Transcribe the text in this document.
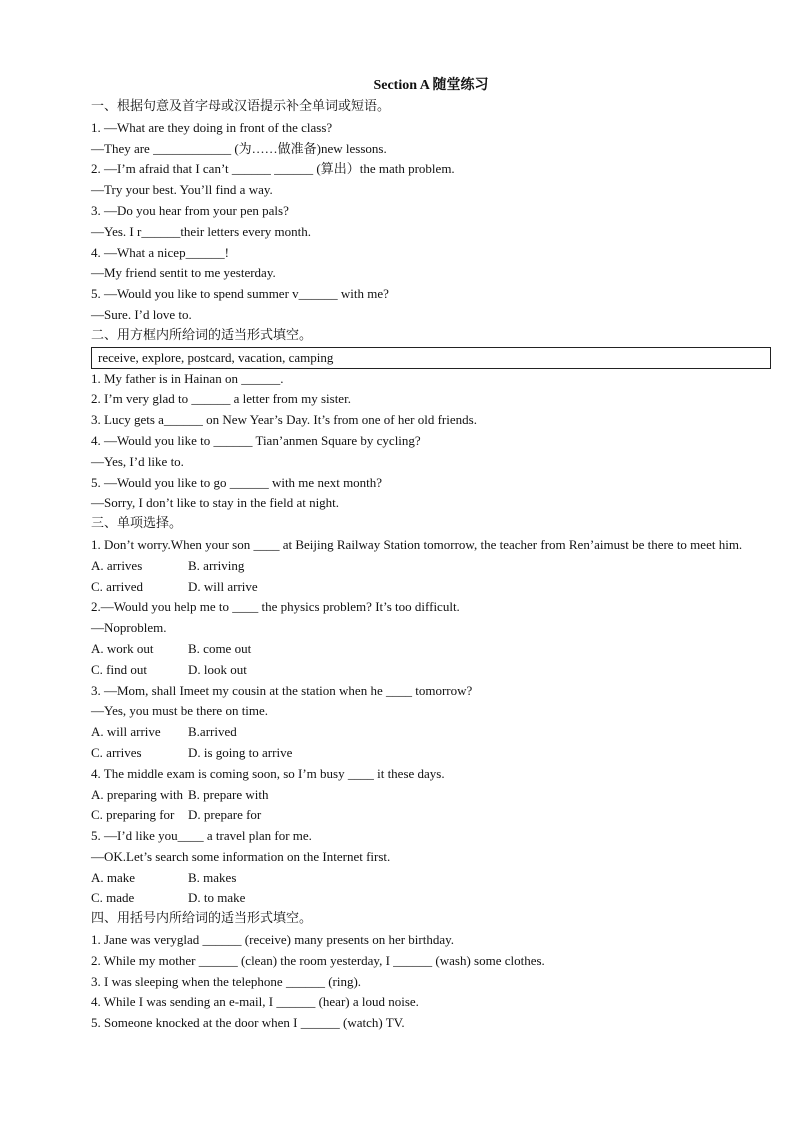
Section A 随堂练习
一、根据句意及首字母或汉语提示补全单词或短语。
1. —What are they doing in front of the class?
—They are ____________ (为……做准备)new lessons.
2. —I’m afraid that I can’t ______ ______ (算出）the math problem.
—Try your best. You’ll find a way.
3. —Do you hear from your pen pals?
—Yes. I r______their letters every month.
4. —What a nicep______!
—My friend sentit to me yesterday.
5. —Would you like to spend summer v______ with me?
—Sure. I’d love to.
二、用方框内所给词的适当形式填空。
receive, explore, postcard, vacation, camping
1. My father is in Hainan on ______.
2. I’m very glad to ______ a letter from my sister.
3. Lucy gets a______ on New Year’s Day. It’s from one of her old friends.
4. —Would you like to ______ Tian’anmen Square by cycling?
—Yes, I’d like to.
5. —Would you like to go ______ with me next month?
—Sorry, I don’t like to stay in the field at night.
三、单项选择。
1. Don’t worry.When your son ____ at Beijing Railway Station tomorrow, the teacher from Ren’aimust be there to meet him.
A. arrives	B. arriving
C. arrived	D. will arrive
2.—Would you help me to ____ the physics problem? It’s too difficult.
—Noproblem.
A. work out	B. come out
C. find out	D. look out
3. —Mom, shall Imeet my cousin at the station when he ____ tomorrow?
—Yes, you must be there on time.
A. will arrive	B.arrived
C. arrives	D. is going to arrive
4. The middle exam is coming soon, so I’m busy ____ it these days.
A. preparing with B. prepare with
C. preparing for	D. prepare for
5. —I’d like you____ a travel plan for me.
—OK.Let’s search some information on the Internet first.
A. make	B. makes
C. made	D. to make
四、用括号内所给词的适当形式填空。
1. Jane was veryglad ______ (receive) many presents on her birthday.
2. While my mother ______ (clean) the room yesterday, I ______ (wash) some clothes.
3. I was sleeping when the telephone ______ (ring).
4. While I was sending an e-mail, I ______ (hear) a loud noise.
5. Someone knocked at the door when I ______ (watch) TV.
